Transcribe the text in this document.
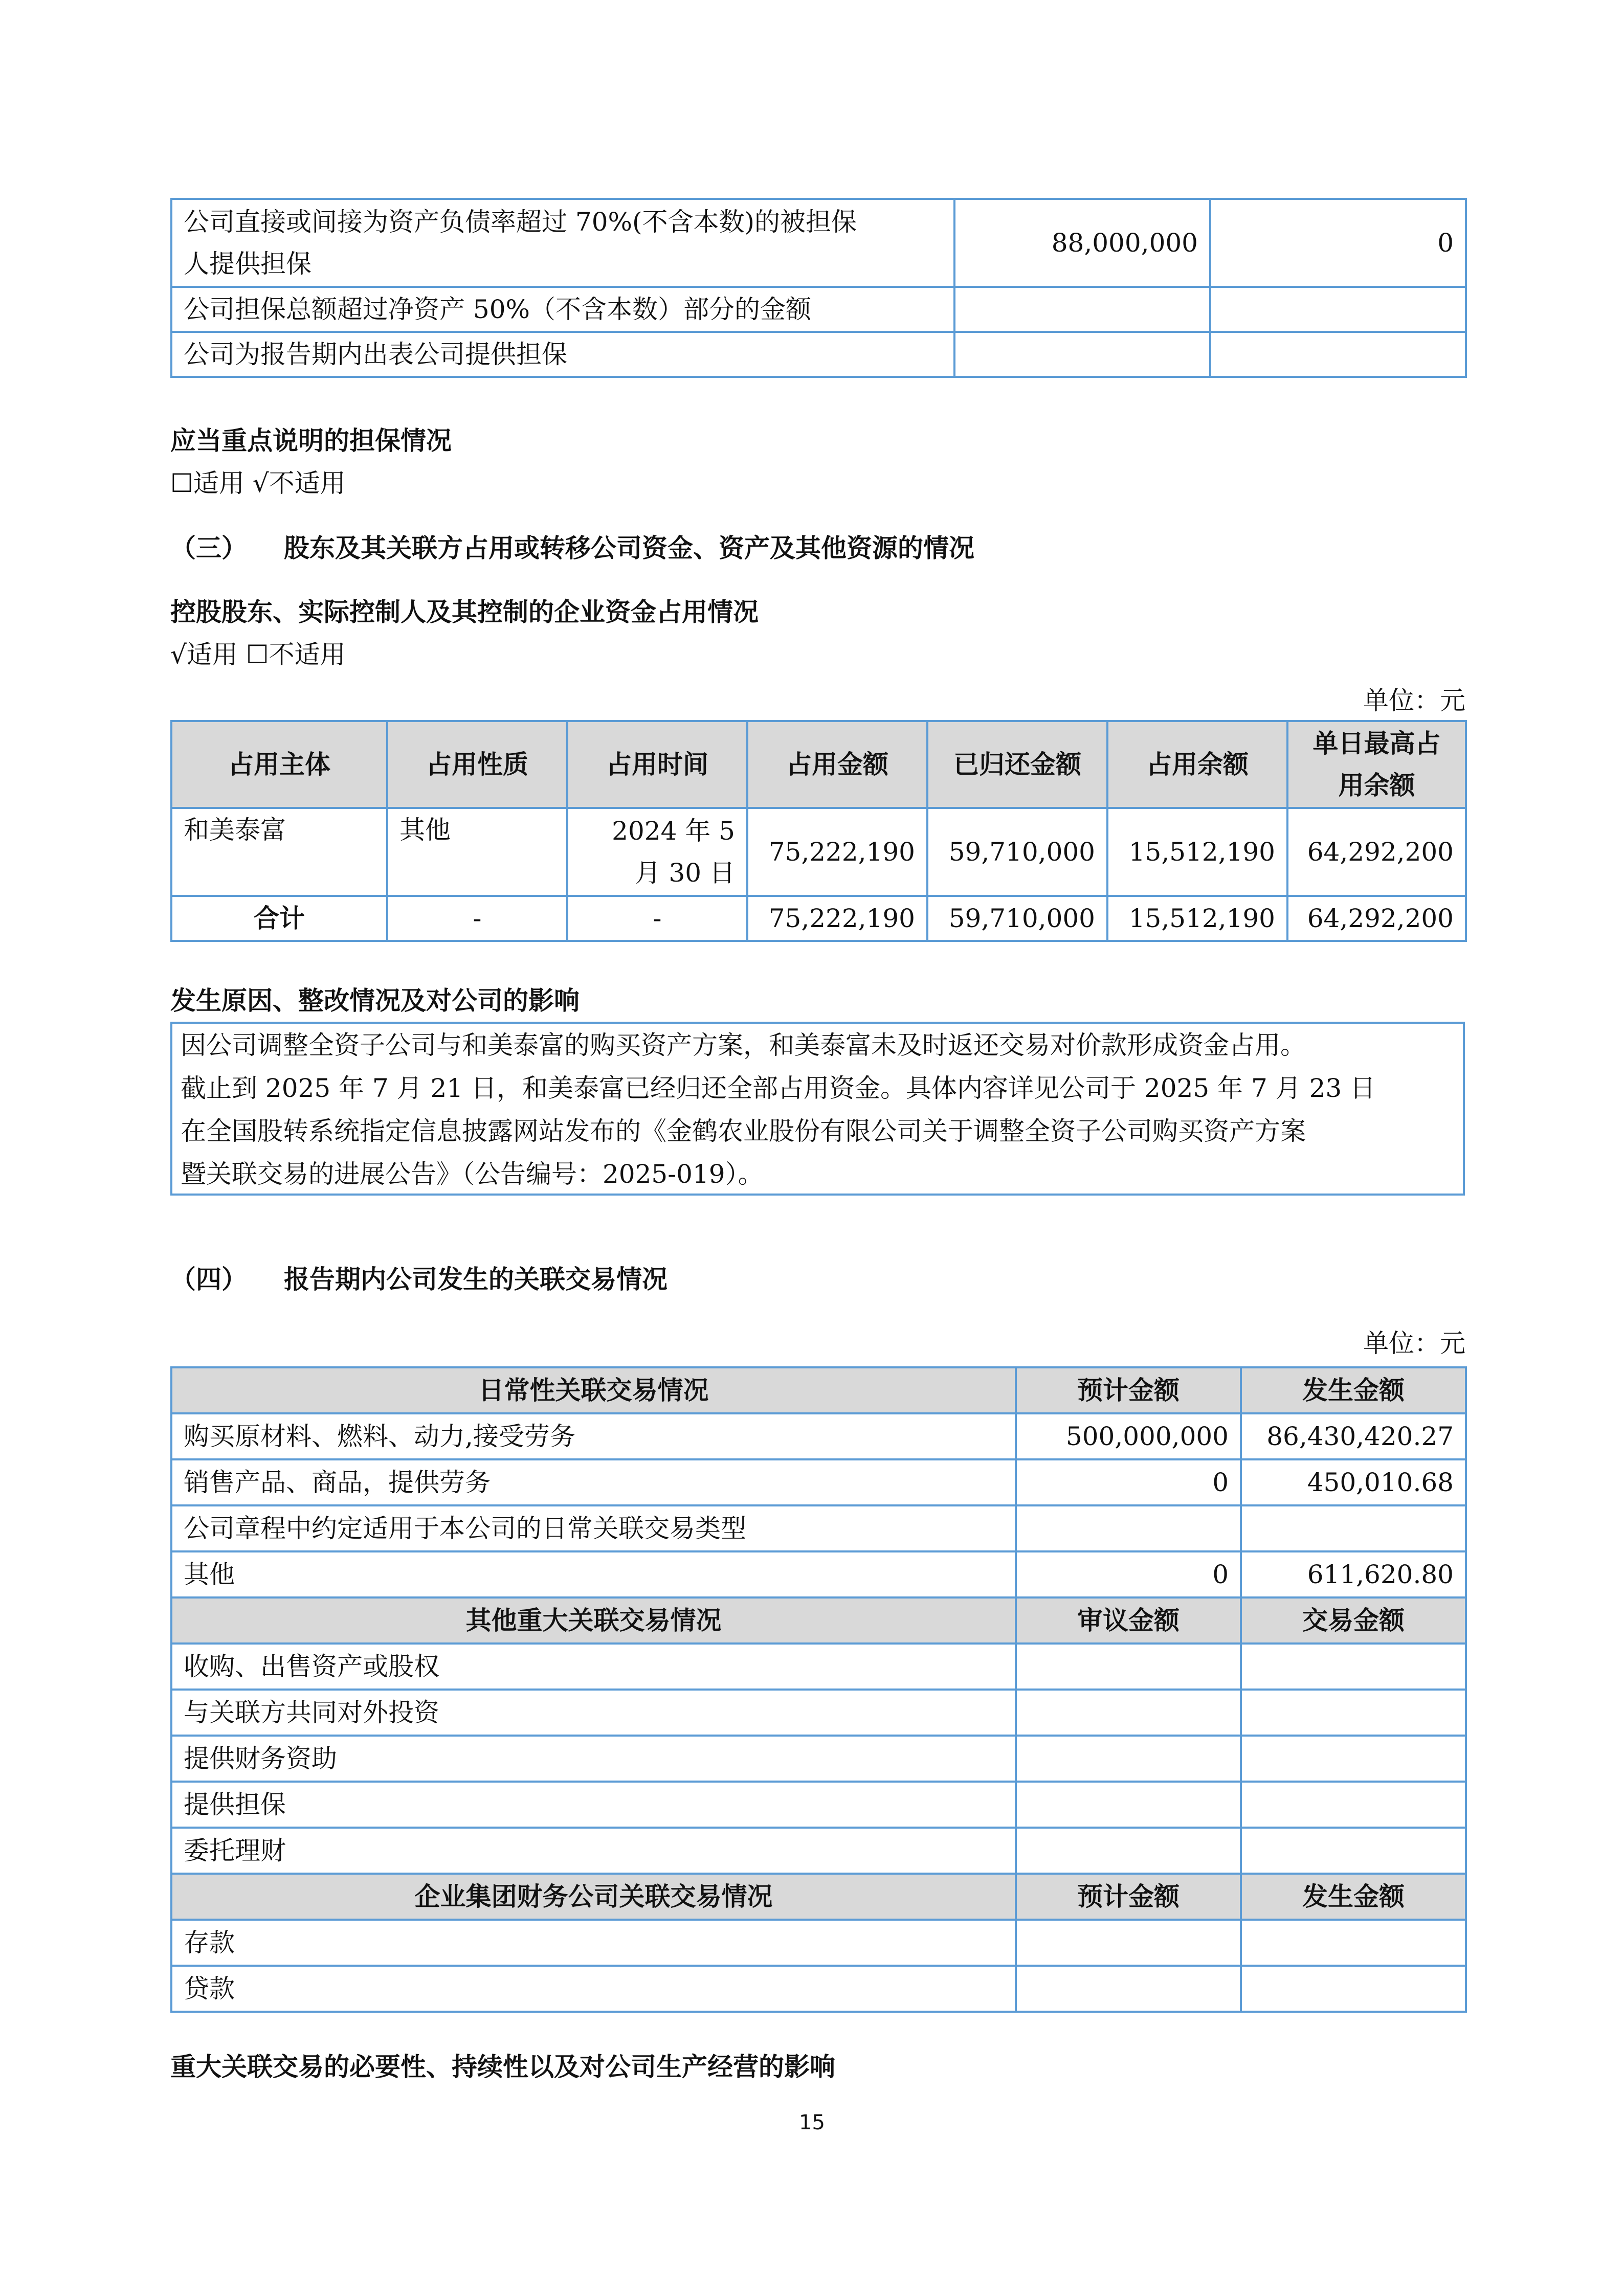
公司直接或间接为资产负债率超过 70%(不含本数)的被担保
人提供担保	88,000,000	0
公司担保总额超过净资产 50%（不含本数）部分的金额		
公司为报告期内出表公司提供担保		
应当重点说明的担保情况
☐适用 √不适用
（三） 股东及其关联方占用或转移公司资金、资产及其他资源的情况
控股股东、实际控制人及其控制的企业资金占用情况
√适用 ☐不适用
单位：元
占用主体	占用性质	占用时间	占用金额	已归还金额	占用余额	单日最高占
用余额

和美泰富	其他	2024 年 5
月 30 日	75,222,190	59,710,000	15,512,190	64,292,200
合计	-	-	75,222,190	59,710,000	15,512,190	64,292,200
发生原因、整改情况及对公司的影响

因公司调整全资子公司与和美泰富的购买资产方案，和美泰富未及时返还交易对价款形成资金占用。

截止到 2025 年 7 月 21 日，和美泰富已经归还全部占用资金。具体内容详见公司于 2025 年 7 月 23 日

在全国股转系统指定信息披露网站发布的《金鹤农业股份有限公司关于调整全资子公司购买资产方案

暨关联交易的进展公告》（公告编号：2025-019）。

（四） 报告期内公司发生的关联交易情况
单位：元
日常性关联交易情况	预计金额	发生金额
购买原材料、燃料、动力,接受劳务	500,000,000	86,430,420.27
销售产品、商品，提供劳务	0	450,010.68
公司章程中约定适用于本公司的日常关联交易类型		
其他	0	611,620.80
其他重大关联交易情况	审议金额	交易金额
收购、出售资产或股权		
与关联方共同对外投资		
提供财务资助		
提供担保		
委托理财		
企业集团财务公司关联交易情况	预计金额	发生金额
存款		
贷款		
重大关联交易的必要性、持续性以及对公司生产经营的影响
15
